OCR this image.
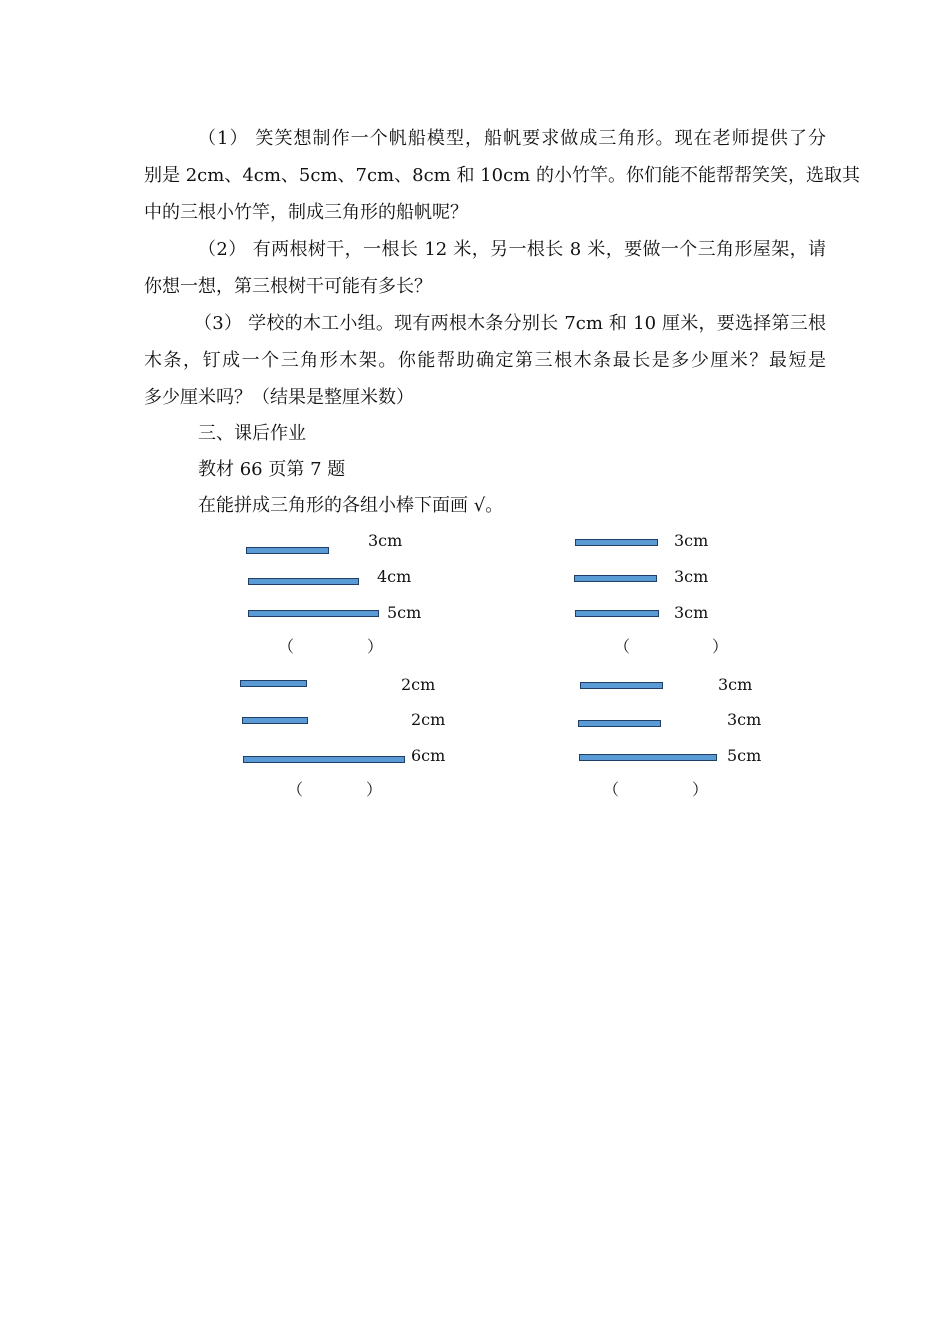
（1） 笑笑想制作一个帆船模型，船帆要求做成三角形。现在老师提供了分
别是 2cm、4cm、5cm、7cm、8cm 和 10cm 的小竹竿。你们能不能帮帮笑笑，选取其
中的三根小竹竿，制成三角形的船帆呢？
（2） 有两根树干，一根长 12 米，另一根长 8 米，要做一个三角形屋架，请
你想一想，第三根树干可能有多长？
（3） 学校的木工小组。现有两根木条分别长 7cm 和 10 厘米，要选择第三根
木条，钉成一个三角形木架。你能帮助确定第三根木条最长是多少厘米？最短是
多少厘米吗？（结果是整厘米数）
三、课后作业
教材 66 页第 7 题
在能拼成三角形的各组小棒下面画 √。
3cm
4cm
5cm
（	）
3cm
3cm
3cm
（	）
2cm
2cm
6cm
（	）
3cm
3cm
5cm
（	）
